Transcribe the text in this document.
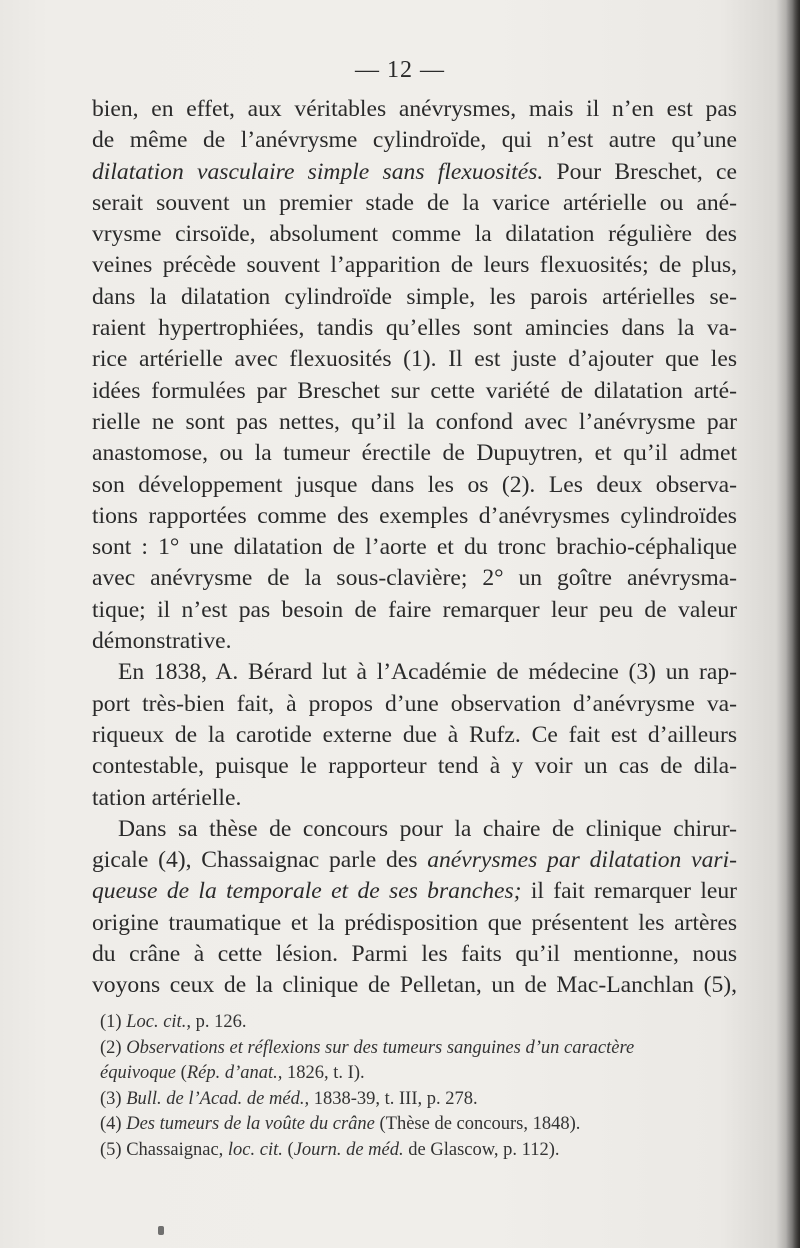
— 12 —
bien, en effet, aux véritables anévrysmes, mais il n’en est pas
de même de l’anévrysme cylindroïde, qui n’est autre qu’une
dilatation vasculaire simple sans flexuosités. Pour Breschet, ce
serait souvent un premier stade de la varice artérielle ou ané-
vrysme cirsoïde, absolument comme la dilatation régulière des
veines précède souvent l’apparition de leurs flexuosités; de plus,
dans la dilatation cylindroïde simple, les parois artérielles se-
raient hypertrophiées, tandis qu’elles sont amincies dans la va-
rice artérielle avec flexuosités (1). Il est juste d’ajouter que les
idées formulées par Breschet sur cette variété de dilatation arté-
rielle ne sont pas nettes, qu’il la confond avec l’anévrysme par
anastomose, ou la tumeur érectile de Dupuytren, et qu’il admet
son développement jusque dans les os (2). Les deux observa-
tions rapportées comme des exemples d’anévrysmes cylindroïdes
sont : 1° une dilatation de l’aorte et du tronc brachio-céphalique
avec anévrysme de la sous-clavière; 2° un goître anévrysma-
tique; il n’est pas besoin de faire remarquer leur peu de valeur
démonstrative.
En 1838, A. Bérard lut à l’Académie de médecine (3) un rap-
port très-bien fait, à propos d’une observation d’anévrysme va-
riqueux de la carotide externe due à Rufz. Ce fait est d’ailleurs
contestable, puisque le rapporteur tend à y voir un cas de dila-
tation artérielle.
Dans sa thèse de concours pour la chaire de clinique chirur-
gicale (4), Chassaignac parle des anévrysmes par dilatation vari-
queuse de la temporale et de ses branches; il fait remarquer leur
origine traumatique et la prédisposition que présentent les artères
du crâne à cette lésion. Parmi les faits qu’il mentionne, nous
voyons ceux de la clinique de Pelletan, un de Mac-Lanchlan (5),
(1) Loc. cit., p. 126.
(2) Observations et réflexions sur des tumeurs sanguines d’un caractère
équivoque (Rép. d’anat., 1826, t. I).
(3) Bull. de l’Acad. de méd., 1838-39, t. III, p. 278.
(4) Des tumeurs de la voûte du crâne (Thèse de concours, 1848).
(5) Chassaignac, loc. cit. (Journ. de méd. de Glascow, p. 112).
